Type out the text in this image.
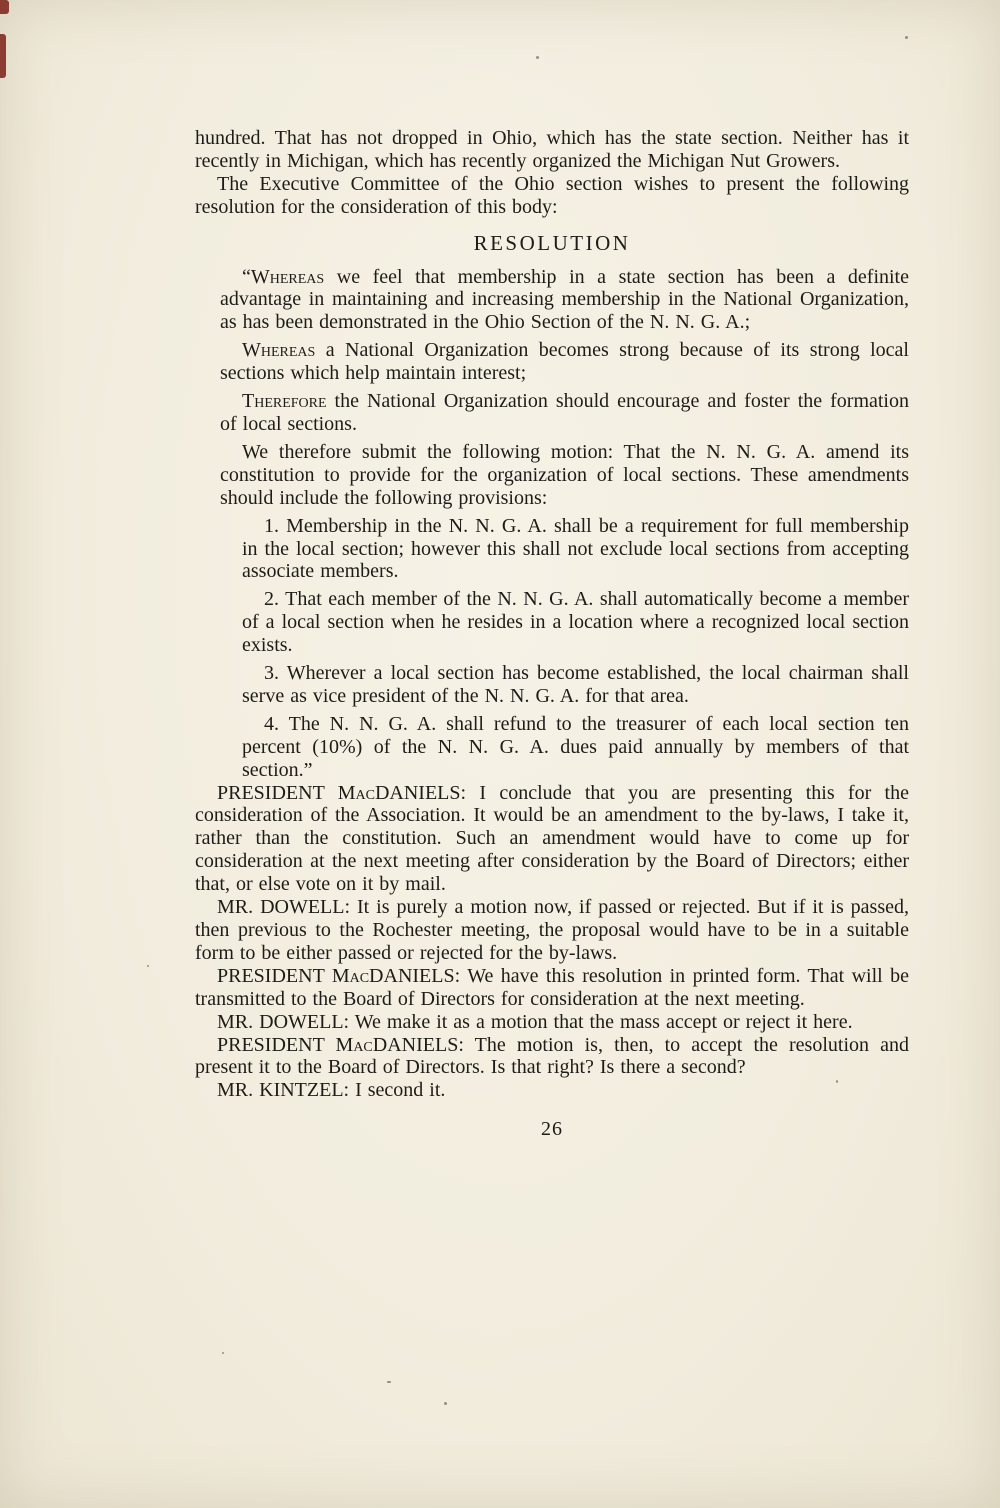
hundred. That has not dropped in Ohio, which has the state section. Neither has it recently in Michigan, which has recently organized the Michigan Nut Growers.

The Executive Committee of the Ohio section wishes to present the following resolution for the consideration of this body:

RESOLUTION

“Whereas we feel that membership in a state section has been a definite advantage in maintaining and increasing membership in the National Organization, as has been demonstrated in the Ohio Section of the N. N. G. A.;

Whereas a National Organization becomes strong because of its strong local sections which help maintain interest;

Therefore the National Organization should encourage and foster the formation of local sections.

We therefore submit the following motion: That the N. N. G. A. amend its constitution to provide for the organization of local sections. These amendments should include the following provisions:

1. Membership in the N. N. G. A. shall be a requirement for full membership in the local section; however this shall not exclude local sections from accepting associate members.

2. That each member of the N. N. G. A. shall automatically become a member of a local section when he resides in a location where a recognized local section exists.

3. Wherever a local section has become established, the local chairman shall serve as vice president of the N. N. G. A. for that area.

4. The N. N. G. A. shall refund to the treasurer of each local section ten percent (10%) of the N. N. G. A. dues paid annually by members of that section.”

PRESIDENT MacDANIELS: I conclude that you are presenting this for the consideration of the Association. It would be an amendment to the by-laws, I take it, rather than the constitution. Such an amendment would have to come up for consideration at the next meeting after consideration by the Board of Directors; either that, or else vote on it by mail.

MR. DOWELL: It is purely a motion now, if passed or rejected. But if it is passed, then previous to the Rochester meeting, the proposal would have to be in a suitable form to be either passed or rejected for the by-laws.

PRESIDENT MacDANIELS: We have this resolution in printed form. That will be transmitted to the Board of Directors for consideration at the next meeting.

MR. DOWELL: We make it as a motion that the mass accept or reject it here.

PRESIDENT MacDANIELS: The motion is, then, to accept the resolution and present it to the Board of Directors. Is that right? Is there a second?

MR. KINTZEL: I second it.

26
